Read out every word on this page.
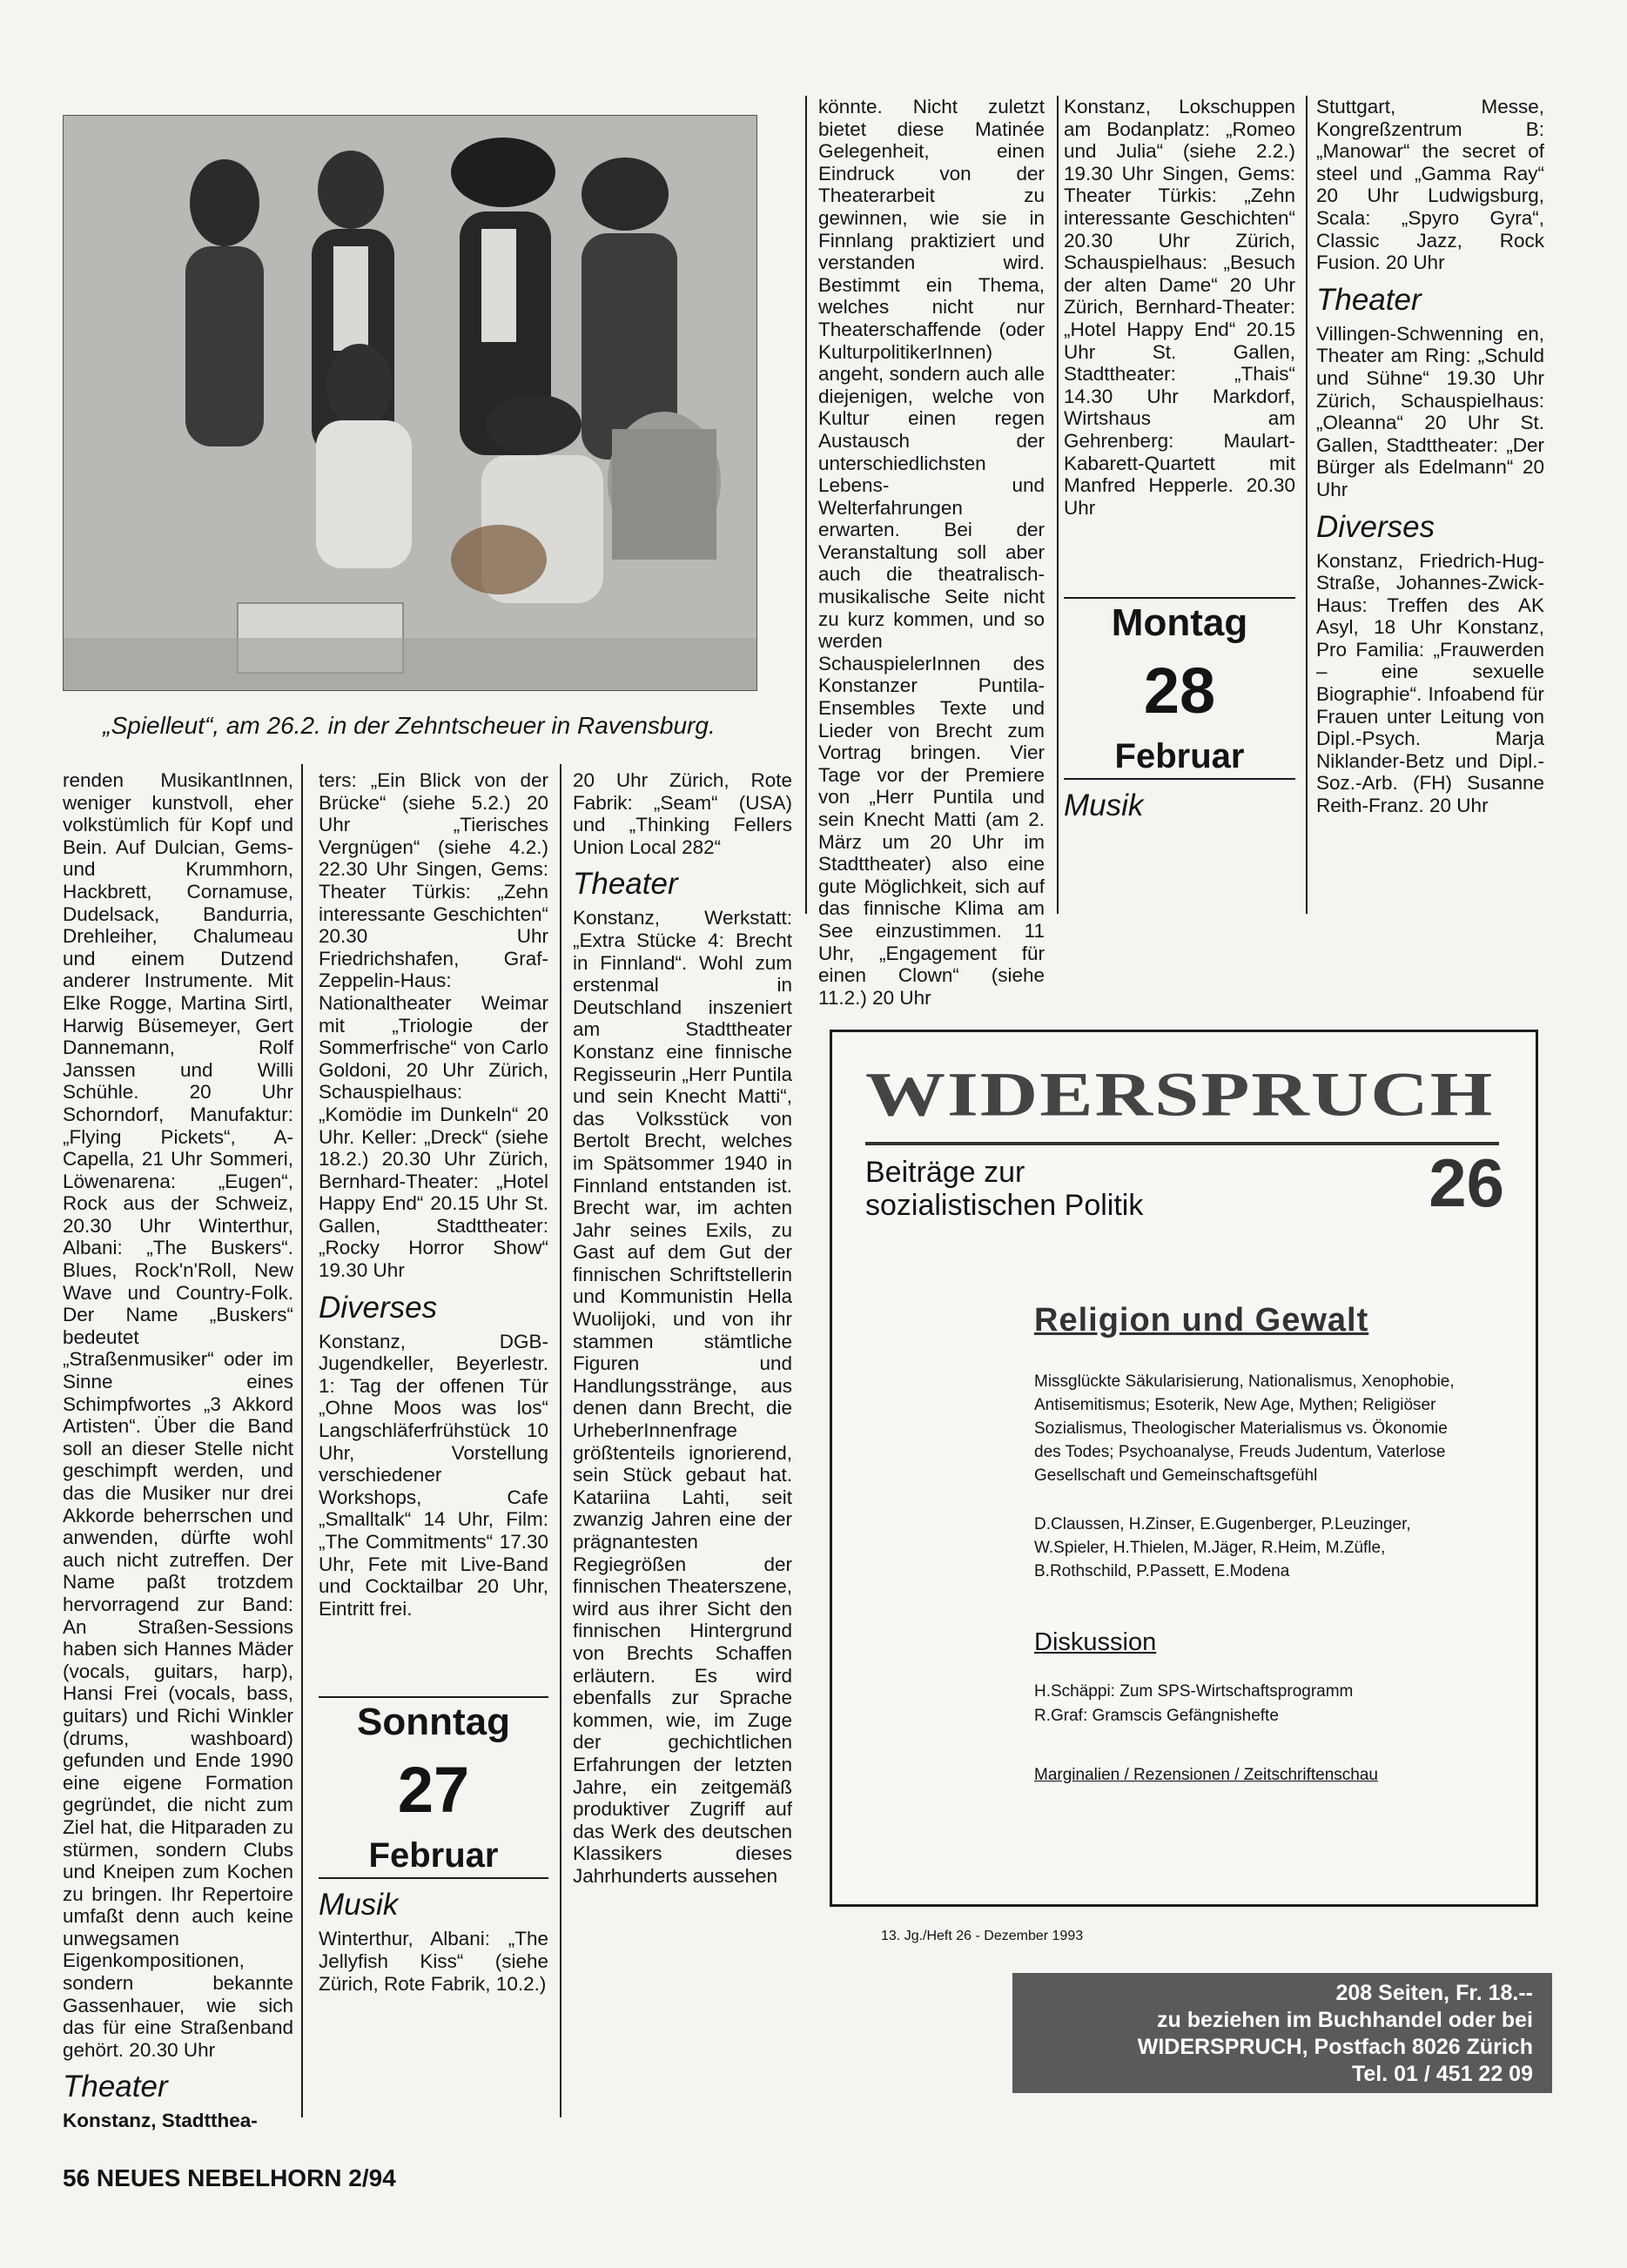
„Spielleut“, am 26.2. in der Zehntscheuer in Ravensburg.

renden MusikantInnen, weniger kunstvoll, eher volkstümlich für Kopf und Bein. Auf Dulcian, Gems- und Krummhorn, Hackbrett, Cornamuse, Dudelsack, Bandurria, Drehleiher, Chalumeau und einem Dutzend anderer Instrumente. Mit Elke Rogge, Martina Sirtl, Harwig Büsemeyer, Gert Dannemann, Rolf Janssen und Willi Schühle. 20 Uhr Schorndorf, Manufaktur: „Flying Pickets“, A-Capella, 21 Uhr Sommeri, Löwenarena: „Eugen“, Rock aus der Schweiz, 20.30 Uhr Winterthur, Albani: „The Buskers“. Blues, Rock'n'Roll, New Wave und Country-Folk. Der Name „Buskers“ bedeutet „Straßenmusiker“ oder im Sinne eines Schimpfwortes „3 Akkord Artisten“. Über die Band soll an dieser Stelle nicht geschimpft werden, und das die Musiker nur drei Akkorde beherrschen und anwenden, dürfte wohl auch nicht zutreffen. Der Name paßt trotzdem hervorragend zur Band: An Straßen-Sessions haben sich Hannes Mäder (vocals, guitars, harp), Hansi Frei (vocals, bass, guitars) und Richi Winkler (drums, washboard) gefunden und Ende 1990 eine eigene Formation gegründet, die nicht zum Ziel hat, die Hitparaden zu stürmen, sondern Clubs und Kneipen zum Kochen zu bringen. Ihr Repertoire umfaßt denn auch keine unwegsamen Eigenkompositionen, sondern bekannte Gassenhauer, wie sich das für eine Straßenband gehört. 20.30 Uhr

Theater

Konstanz, Stadtthea-

ters: „Ein Blick von der Brücke“ (siehe 5.2.) 20 Uhr „Tierisches Vergnügen“ (siehe 4.2.) 22.30 Uhr Singen, Gems: Theater Türkis: „Zehn interessante Geschichten“ 20.30 Uhr Friedrichshafen, Graf-Zeppelin-Haus: Nationaltheater Weimar mit „Triologie der Sommerfrische“ von Carlo Goldoni, 20 Uhr Zürich, Schauspielhaus: „Komödie im Dunkeln“ 20 Uhr. Keller: „Dreck“ (siehe 18.2.) 20.30 Uhr Zürich, Bernhard-Theater: „Hotel Happy End“ 20.15 Uhr St. Gallen, Stadttheater: „Rocky Horror Show“ 19.30 Uhr

Diverses

Konstanz, DGB-Jugendkeller, Beyerlestr. 1: Tag der offenen Tür „Ohne Moos was los“ Langschläferfrühstück 10 Uhr, Vorstellung verschiedener Workshops, Cafe „Smalltalk“ 14 Uhr, Film: „The Commitments“ 17.30 Uhr, Fete mit Live-Band und Cocktailbar 20 Uhr, Eintritt frei.

Sonntag
27
Februar
Musik

Winterthur, Albani: „The Jellyfish Kiss“ (siehe Zürich, Rote Fabrik, 10.2.)

20 Uhr Zürich, Rote Fabrik: „Seam“ (USA) und „Thinking Fellers Union Local 282“

Theater

Konstanz, Werkstatt: „Extra Stücke 4: Brecht in Finnland“. Wohl zum erstenmal in Deutschland inszeniert am Stadttheater Konstanz eine finnische Regisseurin „Herr Puntila und sein Knecht Matti“, das Volksstück von Bertolt Brecht, welches im Spätsommer 1940 in Finnland entstanden ist. Brecht war, im achten Jahr seines Exils, zu Gast auf dem Gut der finnischen Schriftstellerin und Kommunistin Hella Wuolijoki, und von ihr stammen stämtliche Figuren und Handlungsstränge, aus denen dann Brecht, die UrheberInnenfrage größtenteils ignorierend, sein Stück gebaut hat. Katariina Lahti, seit zwanzig Jahren eine der prägnantesten Regiegrößen der finnischen Theaterszene, wird aus ihrer Sicht den finnischen Hintergrund von Brechts Schaffen erläutern. Es wird ebenfalls zur Sprache kommen, wie, im Zuge der gechichtlichen Erfahrungen der letzten Jahre, ein zeitgemäß produktiver Zugriff auf das Werk des deutschen Klassikers dieses Jahrhunderts aussehen

könnte. Nicht zuletzt bietet diese Matinée Gelegenheit, einen Eindruck von der Theaterarbeit zu gewinnen, wie sie in Finnlang praktiziert und verstanden wird. Bestimmt ein Thema, welches nicht nur Theaterschaffende (oder KulturpolitikerInnen) angeht, sondern auch alle diejenigen, welche von Kultur einen regen Austausch der unterschiedlichsten Lebens- und Welterfahrungen erwarten. Bei der Veranstaltung soll aber auch die theatralisch-musikalische Seite nicht zu kurz kommen, und so werden SchauspielerInnen des Konstanzer Puntila-Ensembles Texte und Lieder von Brecht zum Vortrag bringen. Vier Tage vor der Premiere von „Herr Puntila und sein Knecht Matti (am 2. März um 20 Uhr im Stadttheater) also eine gute Möglichkeit, sich auf das finnische Klima am See einzustimmen. 11 Uhr, „Engagement für einen Clown“ (siehe 11.2.) 20 Uhr

Konstanz, Lokschuppen am Bodanplatz: „Romeo und Julia“ (siehe 2.2.) 19.30 Uhr Singen, Gems: Theater Türkis: „Zehn interessante Geschichten“ 20.30 Uhr Zürich, Schauspielhaus: „Besuch der alten Dame“ 20 Uhr Zürich, Bernhard-Theater: „Hotel Happy End“ 20.15 Uhr St. Gallen, Stadttheater: „Thais“ 14.30 Uhr Markdorf, Wirtshaus am Gehrenberg: Maulart-Kabarett-Quartett mit Manfred Hepperle. 20.30 Uhr

Montag
28
Februar
Musik

Stuttgart, Messe, Kongreßzentrum B: „Manowar“ the secret of steel und „Gamma Ray“ 20 Uhr Ludwigsburg, Scala: „Spyro Gyra“, Classic Jazz, Rock Fusion. 20 Uhr

Theater

Villingen-Schwenning en, Theater am Ring: „Schuld und Sühne“ 19.30 Uhr Zürich, Schauspielhaus: „Oleanna“ 20 Uhr St. Gallen, Stadttheater: „Der Bürger als Edelmann“ 20 Uhr

Diverses

Konstanz, Friedrich-Hug-Straße, Johannes-Zwick-Haus: Treffen des AK Asyl, 18 Uhr Konstanz, Pro Familia: „Frauwerden – eine sexuelle Biographie“. Infoabend für Frauen unter Leitung von Dipl.-Psych. Marja Niklander-Betz und Dipl.-Soz.-Arb. (FH) Susanne Reith-Franz. 20 Uhr

WIDERSPRUCH
Beiträge zur
sozialistischen Politik	26
Religion und Gewalt
Missglückte Säkularisierung, Nationalismus, Xenophobie, Antisemitismus; Esoterik, New Age, Mythen; Religiöser Sozialismus, Theologischer Materialismus vs. Ökonomie des Todes; Psychoanalyse, Freuds Judentum, Vaterlose Gesellschaft und Gemeinschaftsgefühl
D.Claussen, H.Zinser, E.Gugenberger, P.Leuzinger, W.Spieler, H.Thielen, M.Jäger, R.Heim, M.Züfle, B.Rothschild, P.Passett, E.Modena
Diskussion
H.Schäppi: Zum SPS-Wirtschaftsprogramm
R.Graf: Gramscis Gefängnishefte
Marginalien / Rezensionen / Zeitschriftenschau
13. Jg./Heft 26 - Dezember 1993
208 Seiten, Fr. 18.--
zu beziehen im Buchhandel oder bei
WIDERSPRUCH, Postfach 8026 Zürich
Tel. 01 / 451 22 09
56 NEUES NEBELHORN 2/94
